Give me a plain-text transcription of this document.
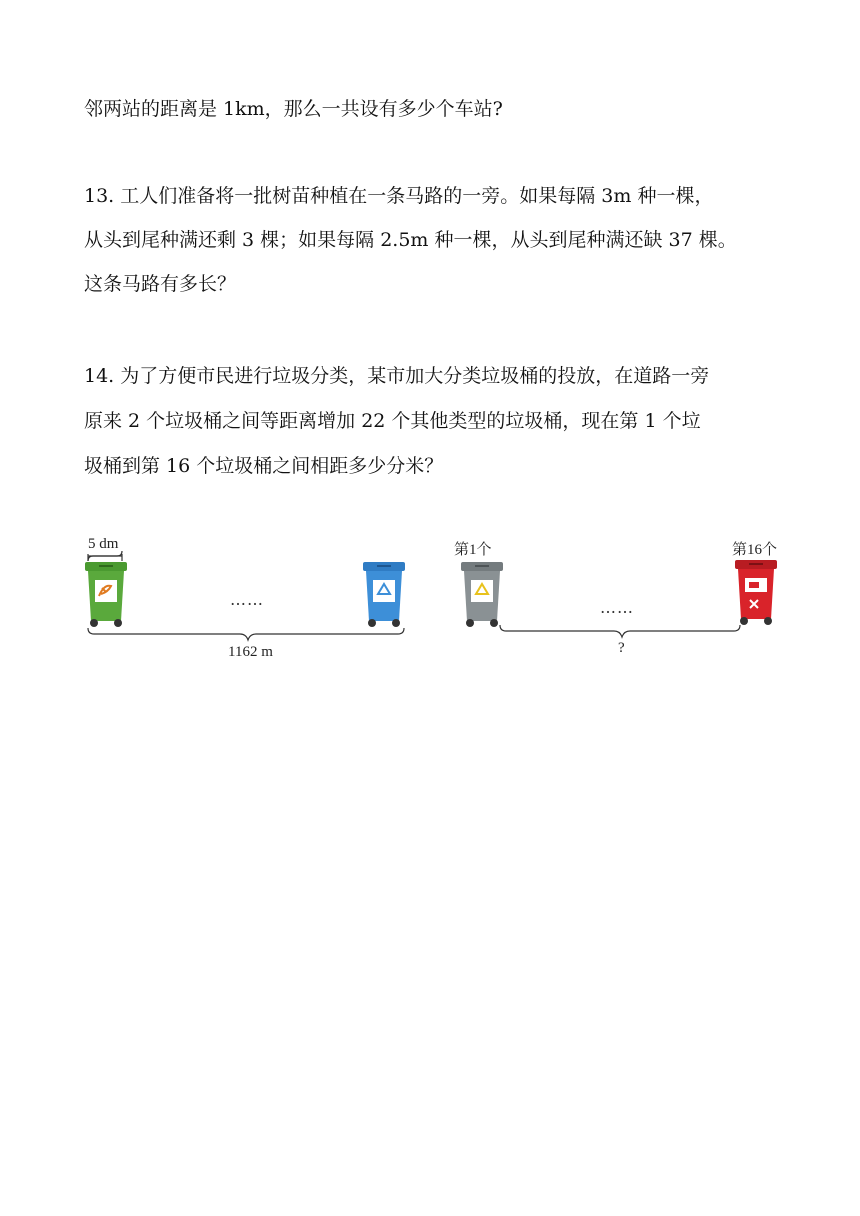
邻两站的距离是 1km，那么一共设有多少个车站?
13. 工人们准备将一批树苗种植在一条马路的一旁。如果每隔 3m 种一棵，
从头到尾种满还剩 3 棵；如果每隔 2.5m 种一棵，从头到尾种满还缺 37 棵。
这条马路有多长？
14. 为了方便市民进行垃圾分类，某市加大分类垃圾桶的投放，在道路一旁
原来 2 个垃圾桶之间等距离增加 22 个其他类型的垃圾桶，现在第 1 个垃
圾桶到第 16 个垃圾桶之间相距多少分米？
5 dm
……
1162 m
第1个	第16个
……
?
